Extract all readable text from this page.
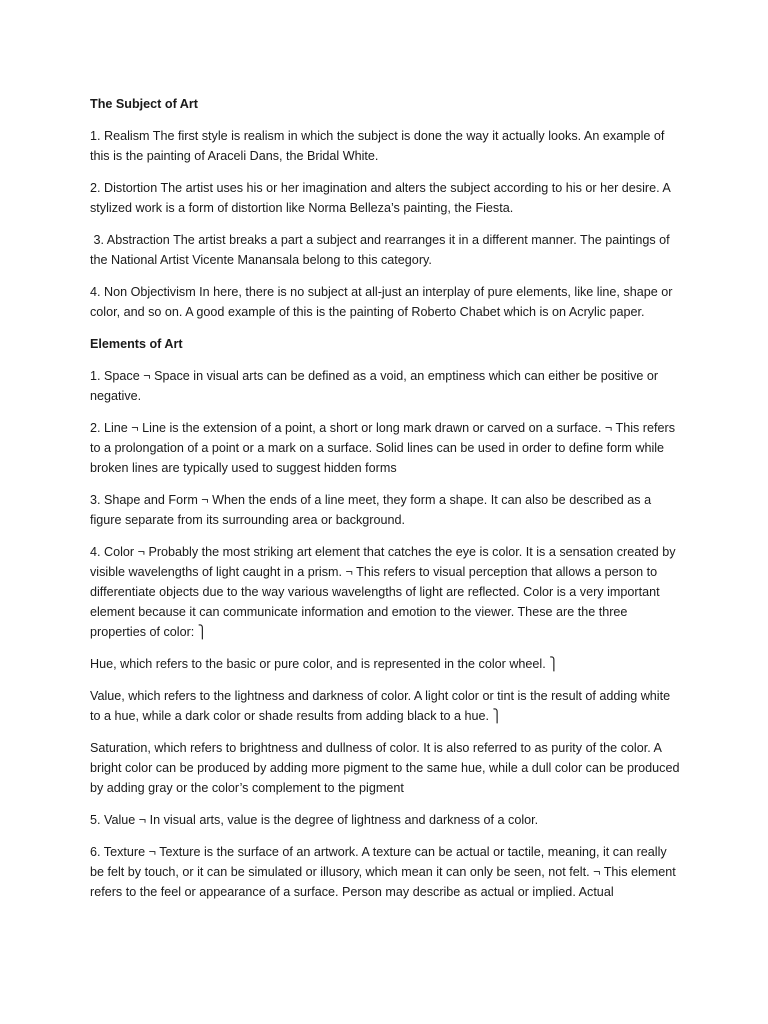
The Subject of Art

1. Realism The first style is realism in which the subject is done the way it actually looks. An example of this is the painting of Araceli Dans, the Bridal White.

2. Distortion The artist uses his or her imagination and alters the subject according to his or her desire. A stylized work is a form of distortion like Norma Belleza’s painting, the Fiesta.

3. Abstraction The artist breaks a part a subject and rearranges it in a different manner. The paintings of the National Artist Vicente Manansala belong to this category.

4. Non Objectivism In here, there is no subject at all-just an interplay of pure elements, like line, shape or color, and so on. A good example of this is the painting of Roberto Chabet which is on Acrylic paper.

Elements of Art

1. Space ¬ Space in visual arts can be defined as a void, an emptiness which can either be positive or negative.

2. Line ¬ Line is the extension of a point, a short or long mark drawn or carved on a surface. ¬ This refers to a prolongation of a point or a mark on a surface. Solid lines can be used in order to define form while broken lines are typically used to suggest hidden forms

3. Shape and Form ¬ When the ends of a line meet, they form a shape. It can also be described as a figure separate from its surrounding area or background.

4. Color ¬ Probably the most striking art element that catches the eye is color. It is a sensation created by visible wavelengths of light caught in a prism. ¬ This refers to visual perception that allows a person to differentiate objects due to the way various wavelengths of light are reflected. Color is a very important element because it can communicate information and emotion to the viewer. These are the three properties of color: ⎫

Hue, which refers to the basic or pure color, and is represented in the color wheel. ⎫

Value, which refers to the lightness and darkness of color. A light color or tint is the result of adding white to a hue, while a dark color or shade results from adding black to a hue. ⎫

Saturation, which refers to brightness and dullness of color. It is also referred to as purity of the color. A bright color can be produced by adding more pigment to the same hue, while a dull color can be produced by adding gray or the color’s complement to the pigment

5. Value ¬ In visual arts, value is the degree of lightness and darkness of a color.

6. Texture ¬ Texture is the surface of an artwork. A texture can be actual or tactile, meaning, it can really be felt by touch, or it can be simulated or illusory, which mean it can only be seen, not felt. ¬ This element refers to the feel or appearance of a surface. Person may describe as actual or implied. Actual
